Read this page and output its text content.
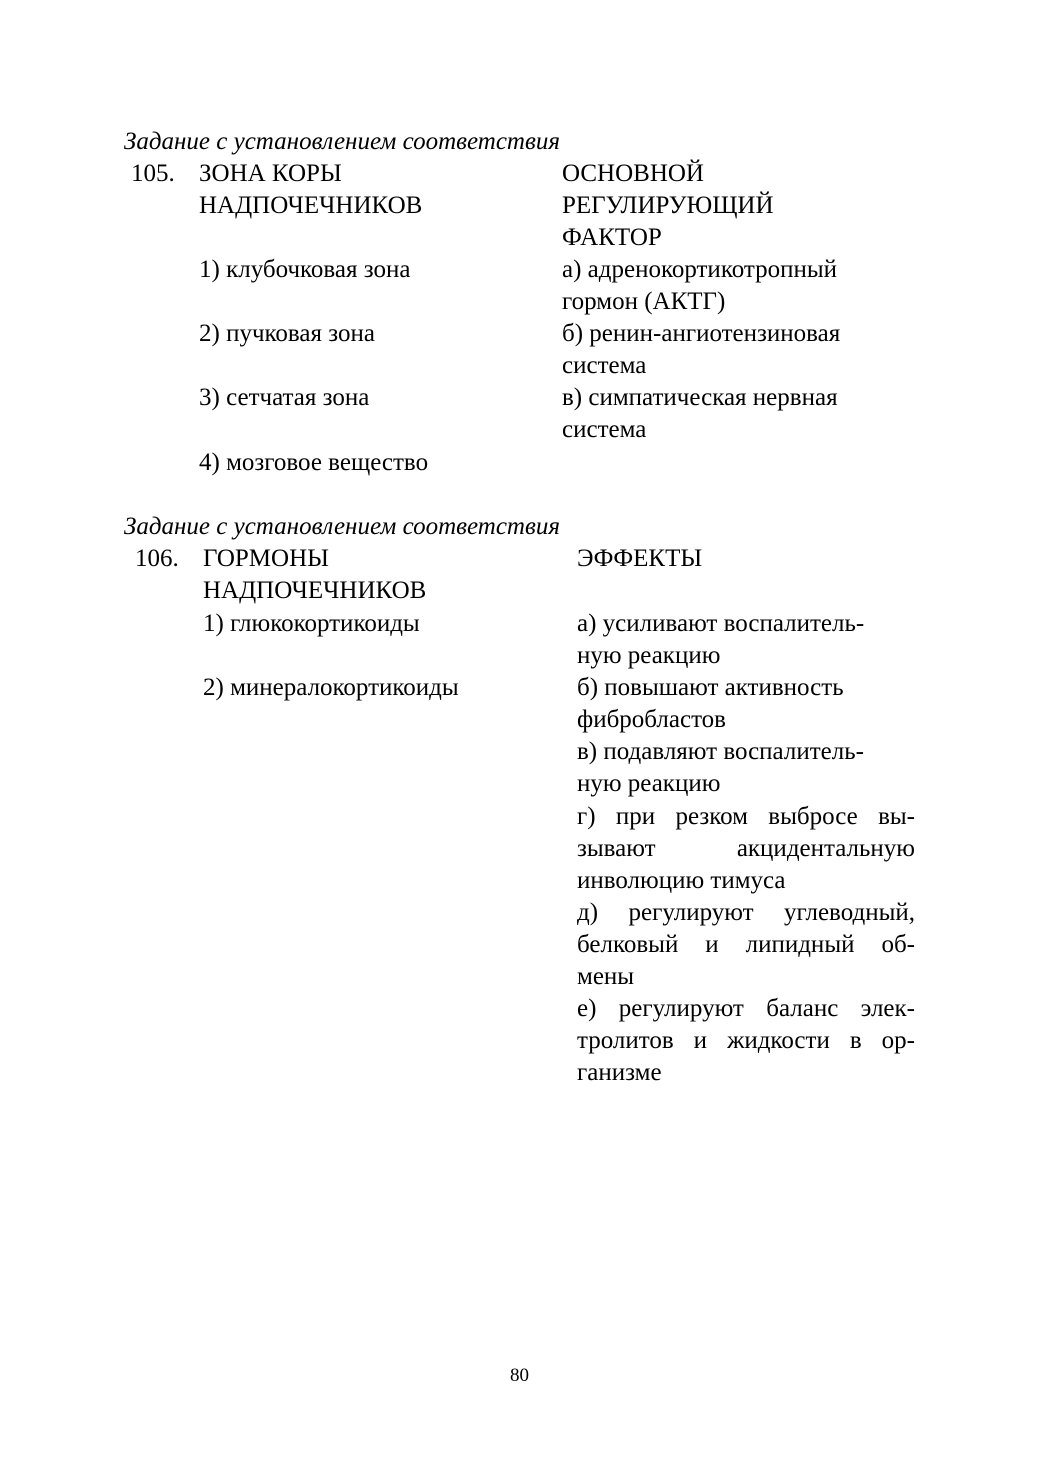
Задание с установлением соответствия
105. ЗОНА КОРЫ
НАДПОЧЕЧНИКОВ
ОСНОВНОЙ
РЕГУЛИРУЮЩИЙ
ФАКТОР
1) клубочковая зона
2) пучковая зона
3) сетчатая зона
4) мозговое вещество
а) адренокортикотропный
гормон (АКТГ)
б) ренин-ангиотензиновая
система
в) симпатическая нервная
система
Задание с установлением соответствия
106. ГОРМОНЫ
НАДПОЧЕЧНИКОВ
ЭФФЕКТЫ
1) глюкокортикоиды
2) минералокортикоиды
а) усиливают воспалитель-
ную реакцию
б) повышают активность
фибробластов
в) подавляют воспалитель-
ную реакцию
г) при резком выбросе вы-
зывают акцидентальную
инволюцию тимуса
д) регулируют углеводный,
белковый и липидный об-
мены
е) регулируют баланс элек-
тролитов и жидкости в ор-
ганизме
80
